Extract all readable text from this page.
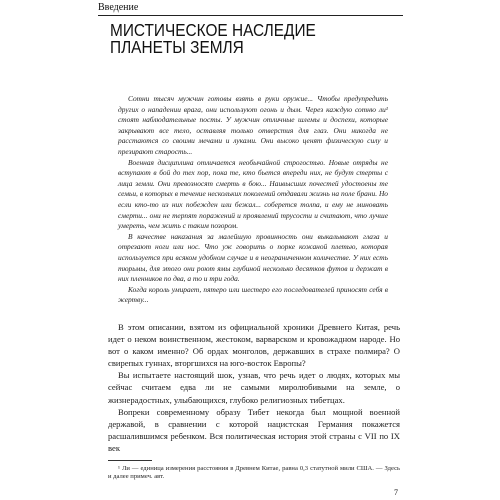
Введение
МИСТИЧЕСКОЕ НАСЛЕДИЕ
ПЛАНЕТЫ ЗЕМЛЯ

Сотни тысяч мужчин готовы взять в руки оружие... Чтобы предупредить других о нападении врага, они используют огонь и дым. Через каждую сотню ли¹ стоят наблюдательные посты. У мужчин отличные шлемы и доспехи, которые закрывают все тело, оставляя только отверстия для глаз. Они никогда не расстаются со своими мечами и луками. Они высоко ценят физическую силу и презирают старость...

Военная дисциплина отличается необычайной строгостью. Новые отряды не вступают в бой до тех пор, пока те, кто бьется впереди них, не будут стерты с лица земли. Они превозносят смерть в бою... Наивысших почестей удостоены те семьи, в которых в течение нескольких поколений отдавали жизнь на поле брани. Но если кто-то из них побежден или бежал... соберется толпа, и ему не миновать смерти... они не терпят поражений и проявлений трусости и считают, что лучше умереть, чем жить с таким позором.

В качестве наказания за малейшую провинность они выкалывают глаза и отрезают ноги или нос. Что уж говорить о порке кожаной плетью, которая используется при всяком удобном случае и в неограниченном количестве. У них есть тюрьмы, для этого они роют ямы глубиной несколько десятков футов и держат в них пленников по два, а то и три года.

Когда король умирает, пятеро или шестеро его последователей приносят себя в жертву...

В этом описании, взятом из официальной хроники Древнего Китая, речь идет о неком воинственном, жестоком, варварском и кровожадном народе. Но вот о каком именно? Об ордах монголов, державших в страхе полмира? О свирепых гуннах, вторгшихся на юго-восток Европы?

Вы испытаете настоящий шок, узнав, что речь идет о людях, которых мы сейчас считаем едва ли не самыми миролюбивыми на земле, о жизнерадостных, улыбающихся, глубоко религиозных тибетцах.

Вопреки современному образу Тибет некогда был мощной военной державой, в сравнении с которой нацистская Германия покажется расшалившимся ребенком. Вся политическая история этой страны с VII по IX век

¹ Ли — единица измерения расстояния в Древнем Китае, равна 0,3 статутной мили США. — Здесь и далее примеч. авт.

7
